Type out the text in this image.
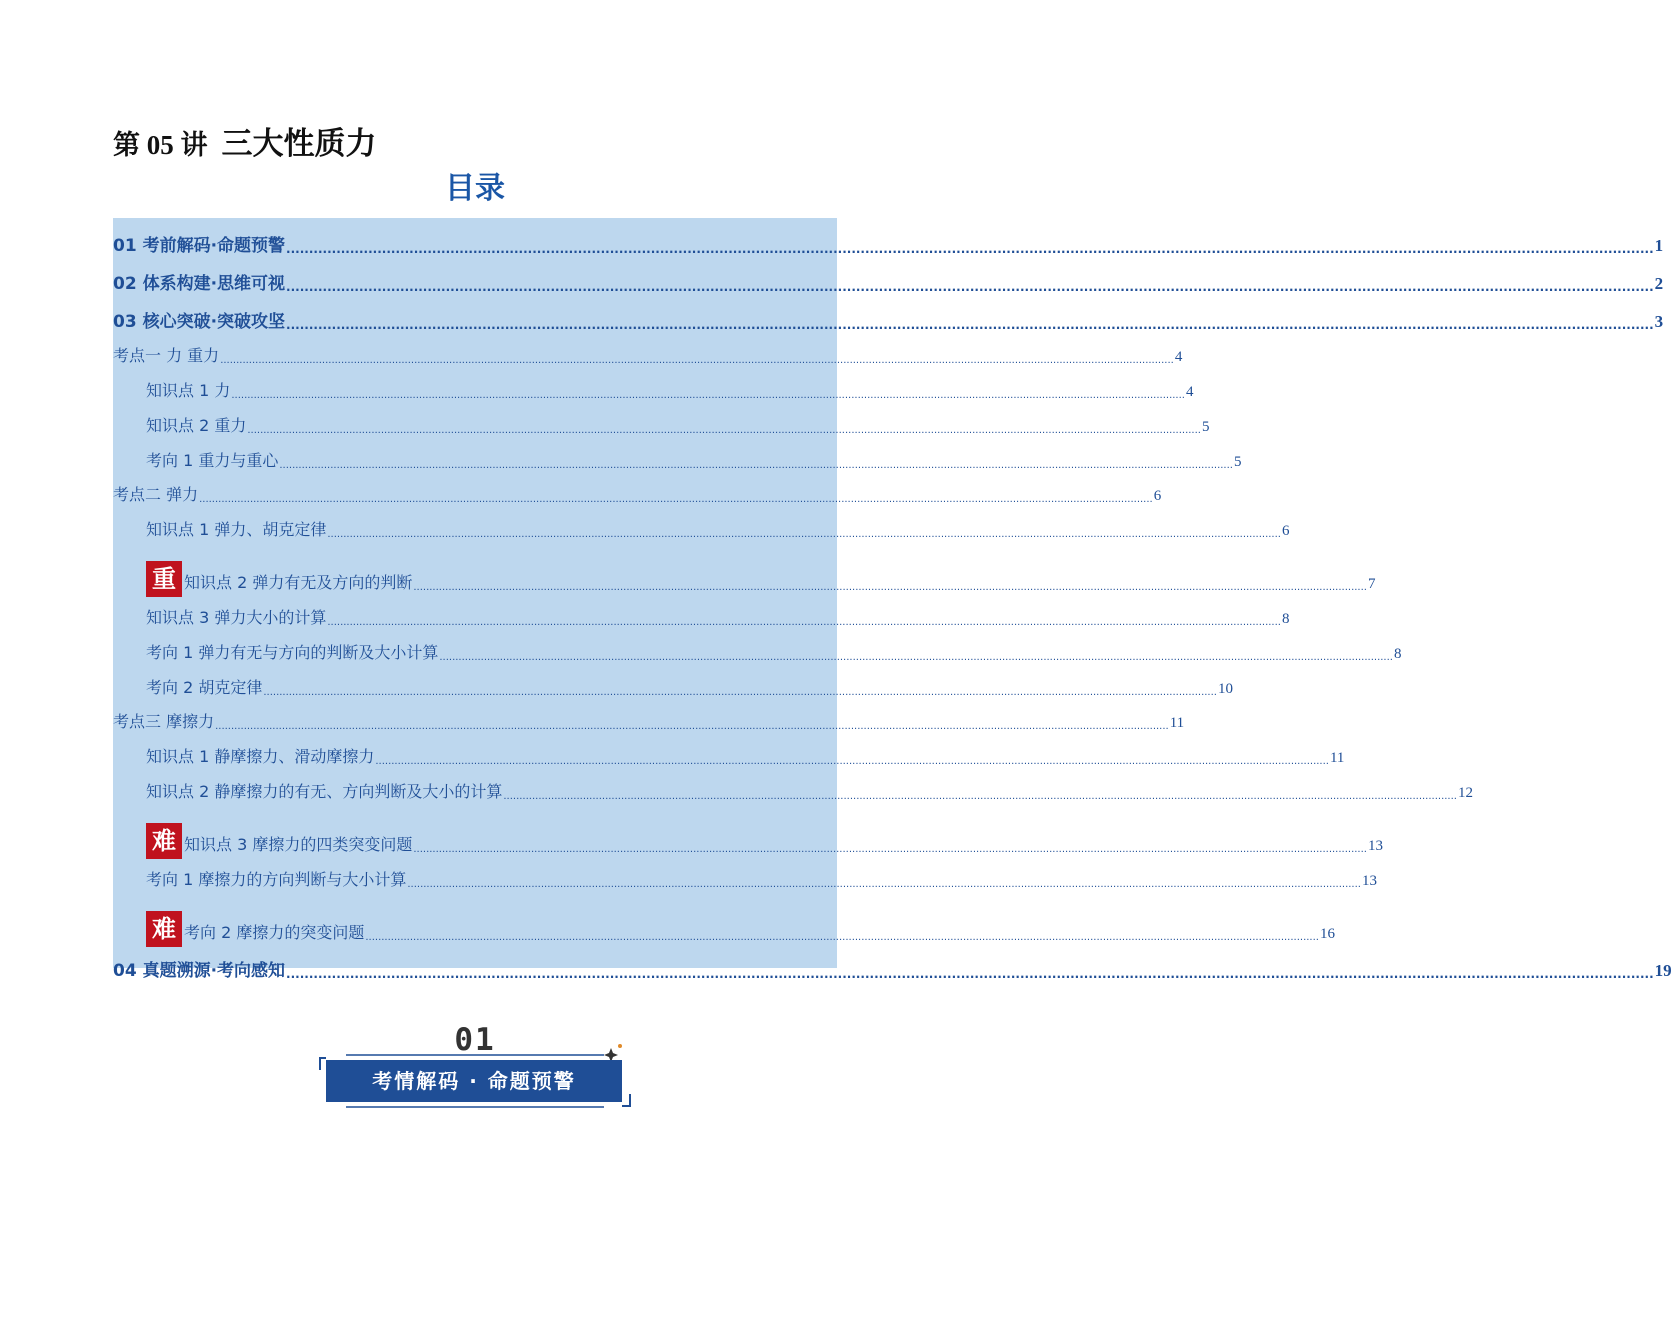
第 05 讲 三大性质力
目录
01 考前解码·命题预警 ............................................................................................................................................................................................................................................................................................................ 1
02 体系构建·思维可视 ............................................................................................................................................................................................................................................................................................................ 2
03 核心突破·突破攻坚 ............................................................................................................................................................................................................................................................................................................ 3
考点一 力 重力 ............................................................................................................................................................................................................................................................................................................ 4
知识点 1 力 ............................................................................................................................................................................................................................................................................................................ 4
知识点 2 重力 ............................................................................................................................................................................................................................................................................................................ 5
考向 1 重力与重心 ............................................................................................................................................................................................................................................................................................................ 5
考点二 弹力 ............................................................................................................................................................................................................................................................................................................ 6
知识点 1 弹力、胡克定律 ............................................................................................................................................................................................................................................................................................................ 6
重 知识点 2 弹力有无及方向的判断 ............................................................................................................................................................................................................................................................................................................ 7
知识点 3 弹力大小的计算 ............................................................................................................................................................................................................................................................................................................ 8
考向 1 弹力有无与方向的判断及大小计算 ............................................................................................................................................................................................................................................................................................................ 8
考向 2 胡克定律 ............................................................................................................................................................................................................................................................................................................ 10
考点三 摩擦力 ............................................................................................................................................................................................................................................................................................................ 11
知识点 1 静摩擦力、滑动摩擦力 ............................................................................................................................................................................................................................................................................................................ 11
知识点 2 静摩擦力的有无、方向判断及大小的计算 ............................................................................................................................................................................................................................................................................................................ 12
难 知识点 3 摩擦力的四类突变问题 ............................................................................................................................................................................................................................................................................................................ 13
考向 1 摩擦力的方向判断与大小计算 ............................................................................................................................................................................................................................................................................................................ 13
难 考向 2 摩擦力的突变问题 ............................................................................................................................................................................................................................................................................................................ 16
04 真题溯源·考向感知 ............................................................................................................................................................................................................................................................................................................ 19
01
考情解码 · 命题预警
